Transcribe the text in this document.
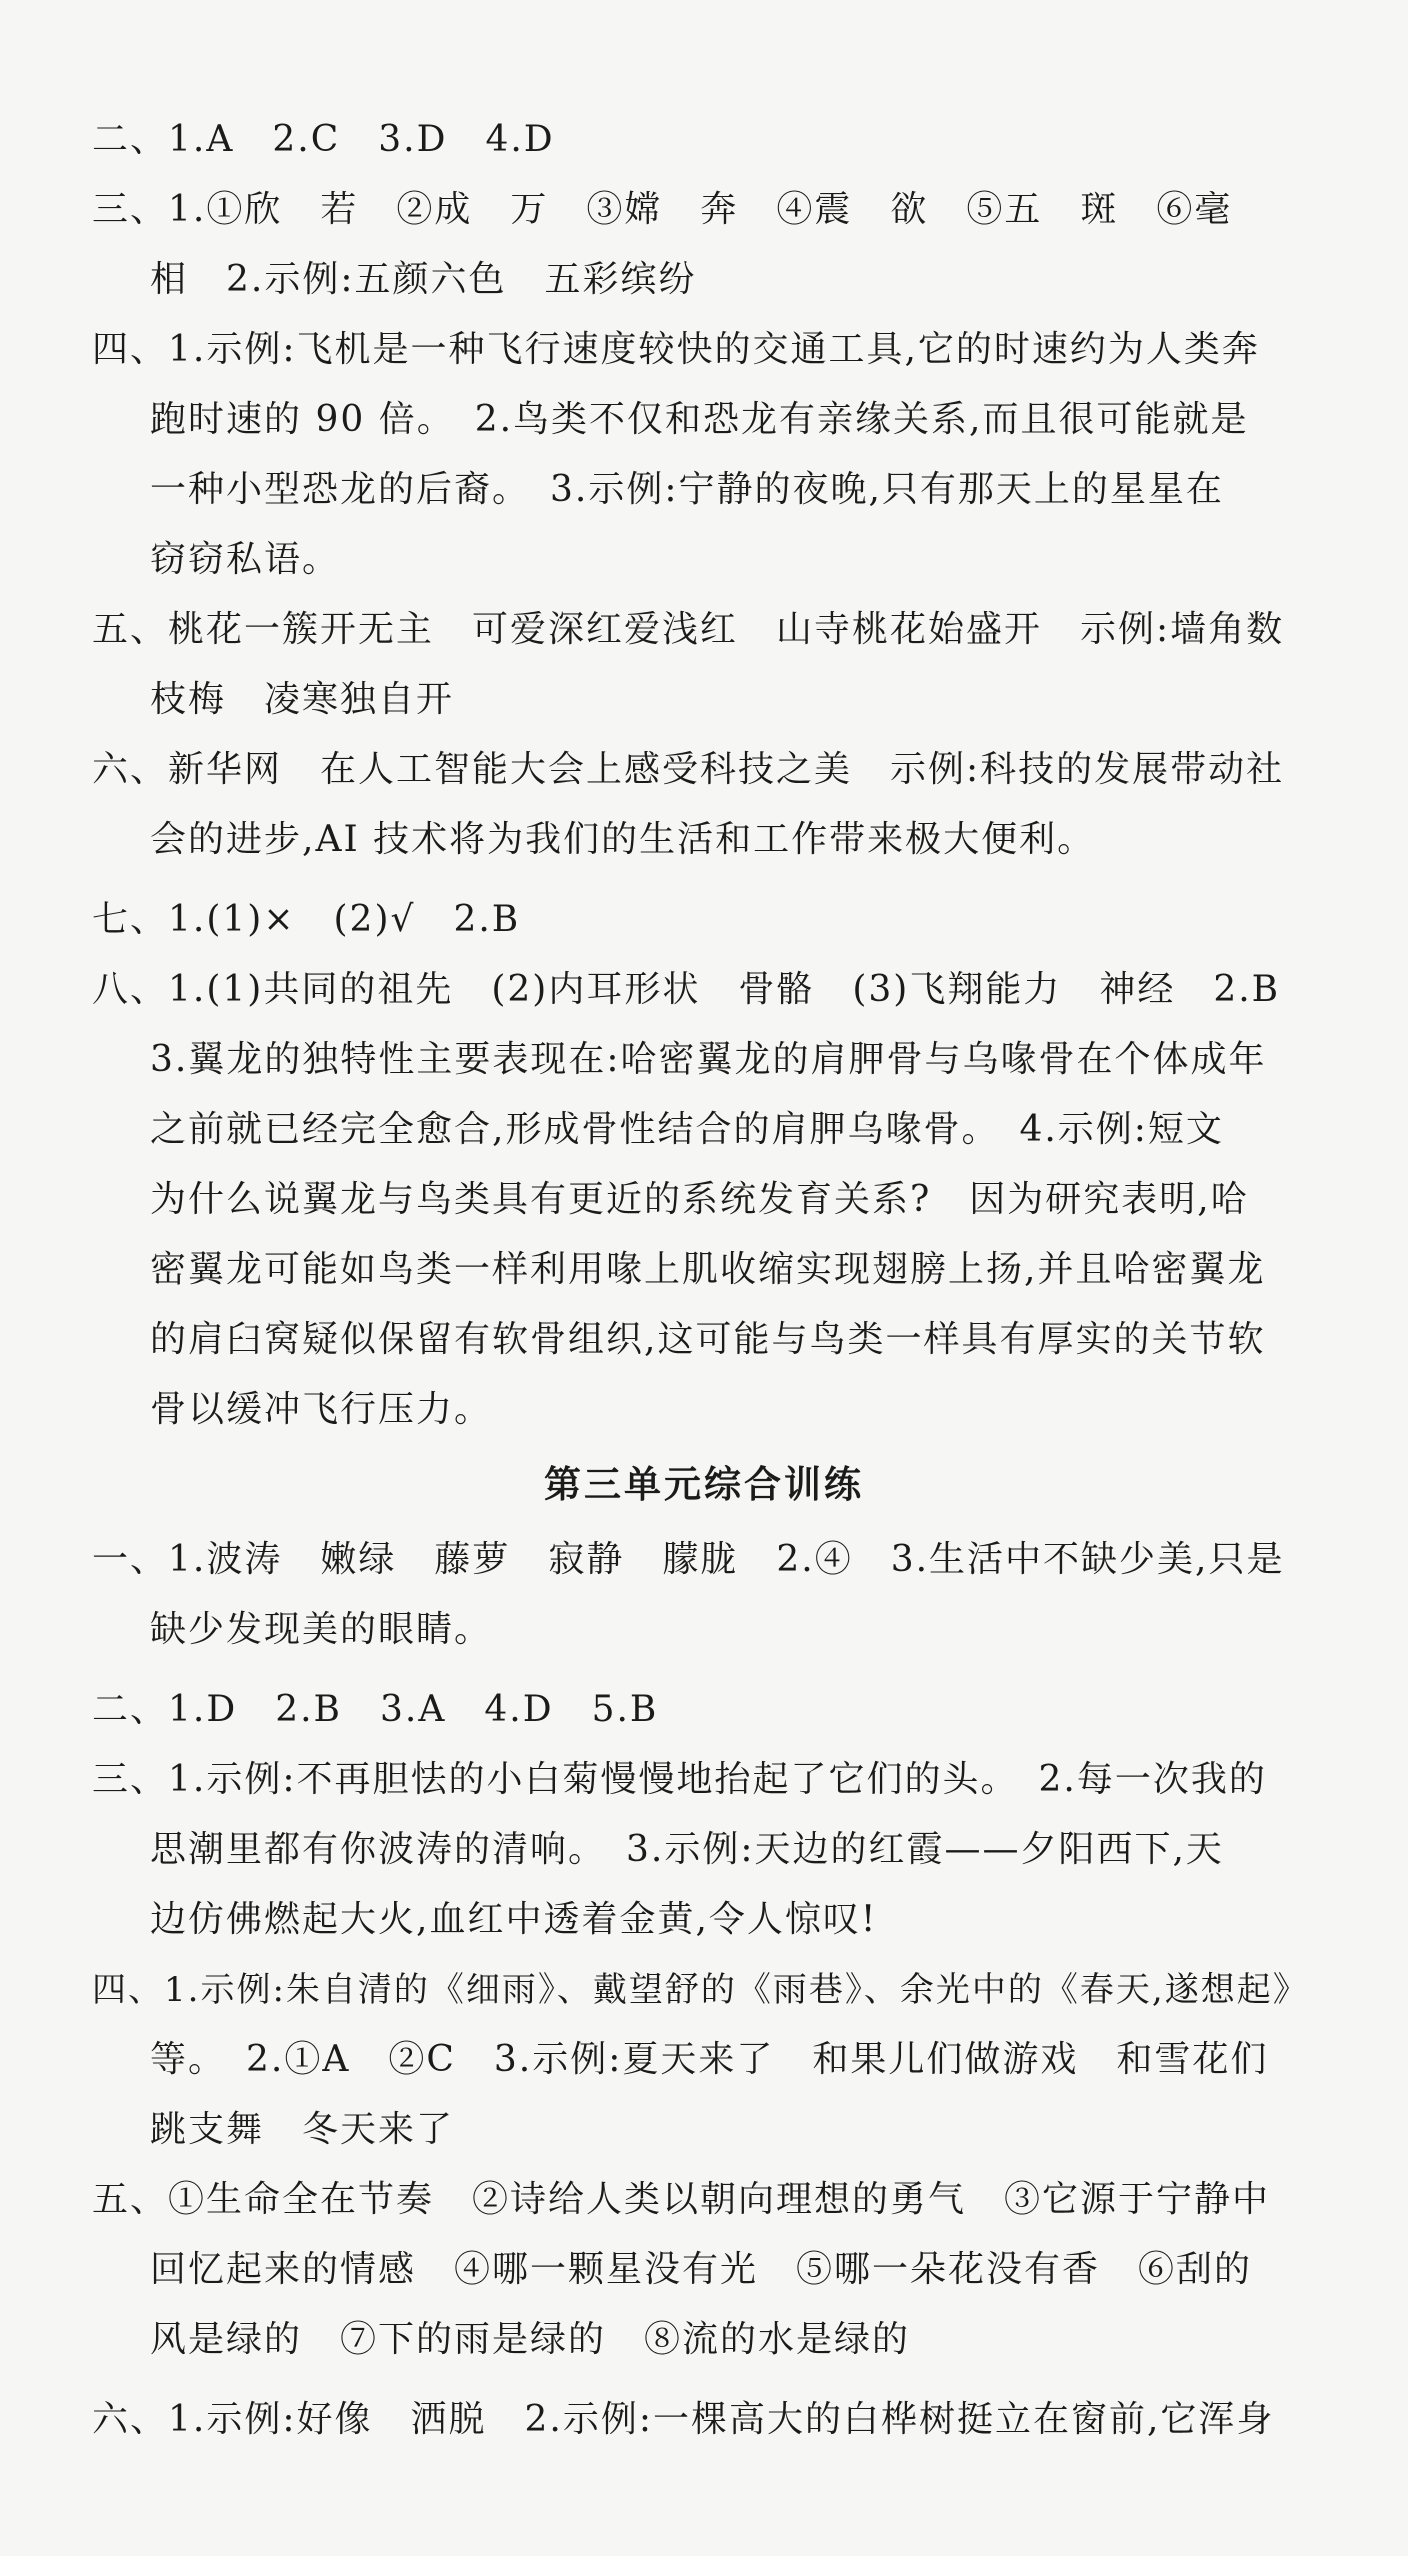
二、1.A　2.C　3.D　4.D
三、1.①欣　若　②成　万　③嫦　奔　④震　欲　⑤五　斑　⑥毫
相　2.示例:五颜六色　五彩缤纷
四、1.示例:飞机是一种飞行速度较快的交通工具,它的时速约为人类奔
跑时速的 90 倍。　2.鸟类不仅和恐龙有亲缘关系,而且很可能就是
一种小型恐龙的后裔。　3.示例:宁静的夜晚,只有那天上的星星在
窃窃私语。
五、桃花一簇开无主　可爱深红爱浅红　山寺桃花始盛开　示例:墙角数
枝梅　凌寒独自开
六、新华网　在人工智能大会上感受科技之美　示例:科技的发展带动社
会的进步,AI 技术将为我们的生活和工作带来极大便利。
七、1.(1)×　(2)√　2.B
八、1.(1)共同的祖先　(2)内耳形状　骨骼　(3)飞翔能力　神经　2.B
3.翼龙的独特性主要表现在:哈密翼龙的肩胛骨与乌喙骨在个体成年
之前就已经完全愈合,形成骨性结合的肩胛乌喙骨。　4.示例:短文
为什么说翼龙与鸟类具有更近的系统发育关系?　因为研究表明,哈
密翼龙可能如鸟类一样利用喙上肌收缩实现翅膀上扬,并且哈密翼龙
的肩臼窝疑似保留有软骨组织,这可能与鸟类一样具有厚实的关节软
骨以缓冲飞行压力。
第三单元综合训练
一、1.波涛　嫩绿　藤萝　寂静　朦胧　2.④　3.生活中不缺少美,只是
缺少发现美的眼睛。
二、1.D　2.B　3.A　4.D　5.B
三、1.示例:不再胆怯的小白菊慢慢地抬起了它们的头。　2.每一次我的
思潮里都有你波涛的清响。　3.示例:天边的红霞——夕阳西下,天
边仿佛燃起大火,血红中透着金黄,令人惊叹!
四、1.示例:朱自清的《细雨》、戴望舒的《雨巷》、余光中的《春天,遂想起》
等。　2.①A　②C　3.示例:夏天来了　和果儿们做游戏　和雪花们
跳支舞　冬天来了
五、①生命全在节奏　②诗给人类以朝向理想的勇气　③它源于宁静中
回忆起来的情感　④哪一颗星没有光　⑤哪一朵花没有香　⑥刮的
风是绿的　⑦下的雨是绿的　⑧流的水是绿的
六、1.示例:好像　洒脱　2.示例:一棵高大的白桦树挺立在窗前,它浑身
